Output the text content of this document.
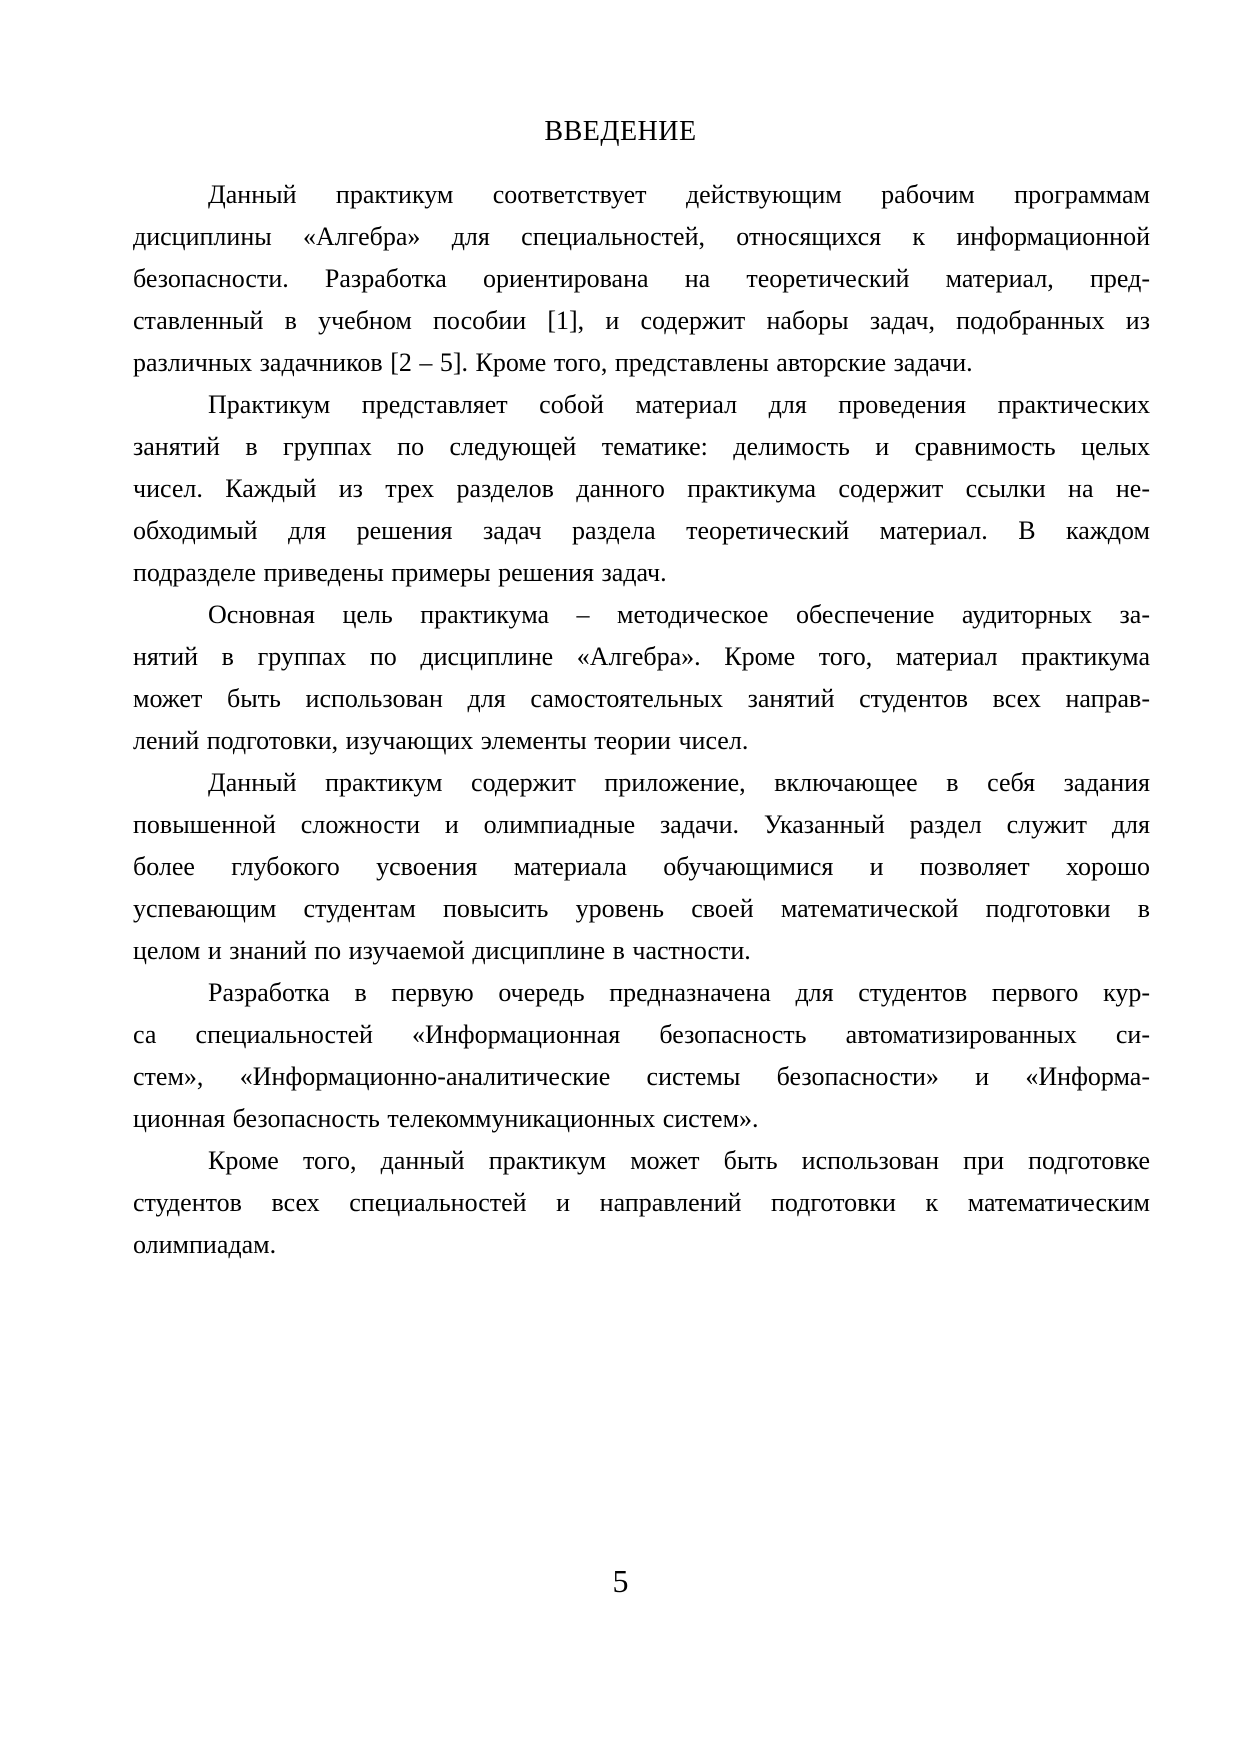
ВВЕДЕНИЕ
Данный практикум соответствует действующим рабочим программам
дисциплины «Алгебра» для специальностей, относящихся к информационной
безопасности. Разработка ориентирована на теоретический материал, пред-
ставленный в учебном пособии [1], и содержит наборы задач, подобранных из
различных задачников [2 – 5]. Кроме того, представлены авторские задачи.
Практикум представляет собой материал для проведения практических
занятий в группах по следующей тематике: делимость и сравнимость целых
чисел. Каждый из трех разделов данного практикума содержит ссылки на не-
обходимый для решения задач раздела теоретический материал. В каждом
подразделе приведены примеры решения задач.
Основная цель практикума – методическое обеспечение аудиторных за-
нятий в группах по дисциплине «Алгебра». Кроме того, материал практикума
может быть использован для самостоятельных занятий студентов всех направ-
лений подготовки, изучающих элементы теории чисел.
Данный практикум содержит приложение, включающее в себя задания
повышенной сложности и олимпиадные задачи. Указанный раздел служит для
более глубокого усвоения материала обучающимися и позволяет хорошо
успевающим студентам повысить уровень своей математической подготовки в
целом и знаний по изучаемой дисциплине в частности.
Разработка в первую очередь предназначена для студентов первого кур-
са специальностей «Информационная безопасность автоматизированных си-
стем», «Информационно-аналитические системы безопасности» и «Информа-
ционная безопасность телекоммуникационных систем».
Кроме того, данный практикум может быть использован при подготовке
студентов всех специальностей и направлений подготовки к математическим
олимпиадам.
5
